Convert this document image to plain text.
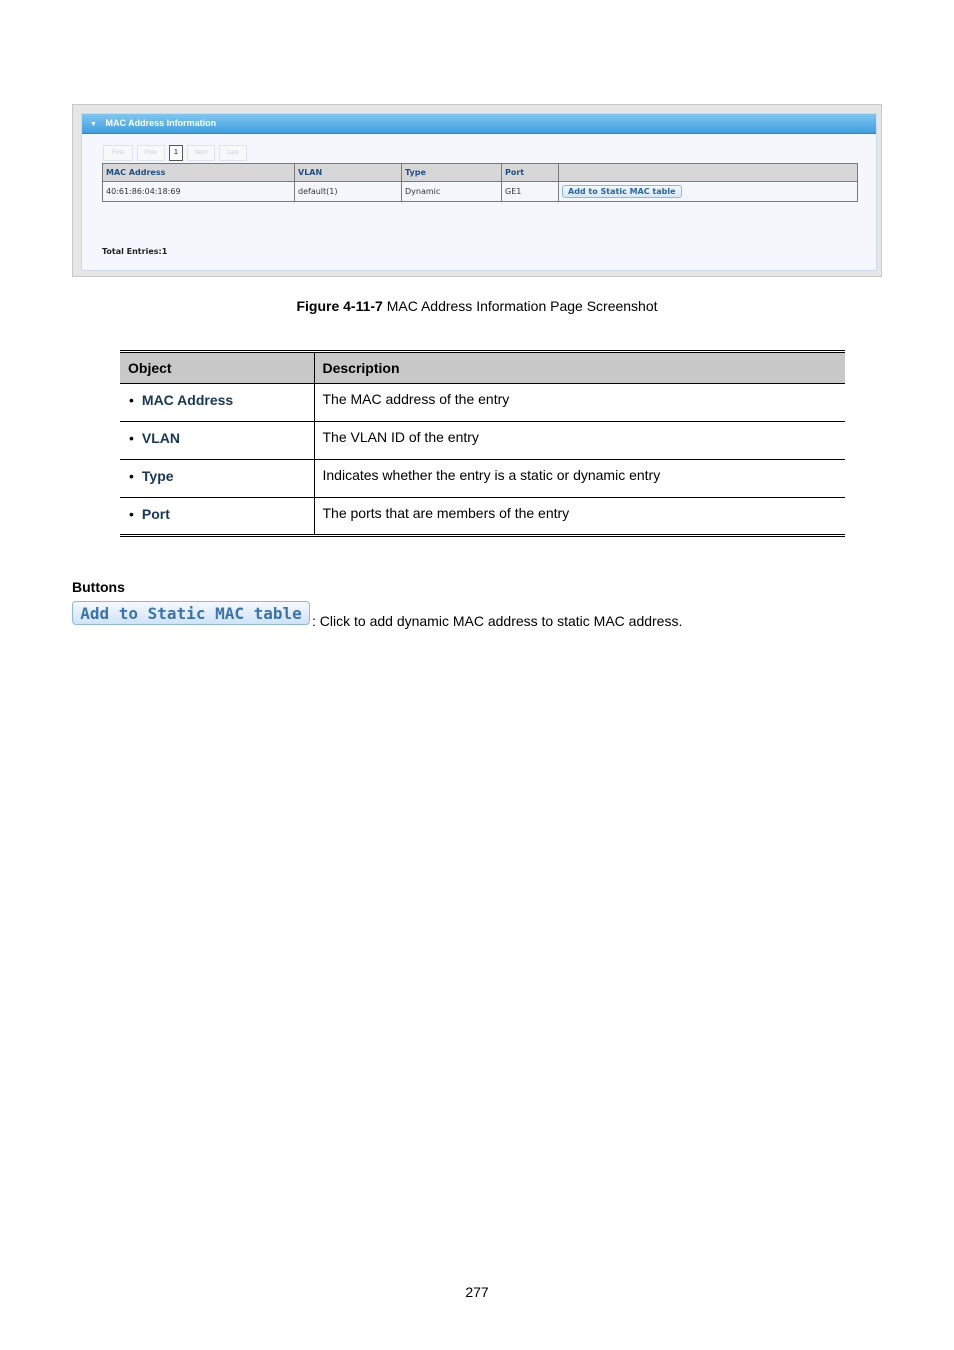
▼ MAC Address Information
First	Prev	1	Next	Last
MAC Address	VLAN	Type	Port	
40:61:86:04:18:69	default(1)	Dynamic	GE1	Add to Static MAC table
Total Entries:1
Figure 4-11-7 MAC Address Information Page Screenshot
Object	Description
• MAC Address	The MAC address of the entry
• VLAN	The VLAN ID of the entry
• Type	Indicates whether the entry is a static or dynamic entry
• Port	The ports that are members of the entry
Buttons
Add to Static MAC table : Click to add dynamic MAC address to static MAC address.
277
